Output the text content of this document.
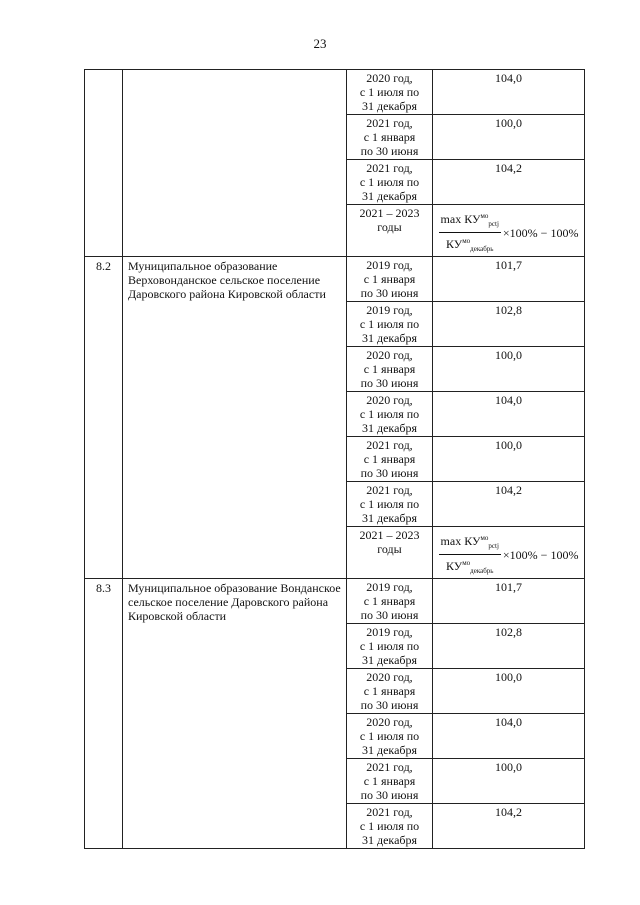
23

		2020 год,
с 1 июля по
31 декабря	104,0

		2021 год,
с 1 января
по 30 июня	100,0

		2021 год,
с 1 июля по
31 декабря	104,2

		2021 – 2023
годы	$\frac{\max КУ^{мо}_{pctj}}{КУ^{мо}_{декабрь}} \times 100\% - 100\%$

8.2	Муниципальное образование Верховонданское сельское поселение Даровского района Кировской области	2019 год,
с 1 января
по 30 июня	101,7

		2019 год,
с 1 июля по
31 декабря	102,8

		2020 год,
с 1 января
по 30 июня	100,0

		2020 год,
с 1 июля по
31 декабря	104,0

		2021 год,
с 1 января
по 30 июня	100,0

		2021 год,
с 1 июля по
31 декабря	104,2

		2021 – 2023
годы	$\frac{\max КУ^{мо}_{pctj}}{КУ^{мо}_{декабрь}} \times 100\% - 100\%$

8.3	Муниципальное образование Вонданское сельское поселение Даровского района Кировской области	2019 год,
с 1 января
по 30 июня	101,7

		2019 год,
с 1 июля по
31 декабря	102,8

		2020 год,
с 1 января
по 30 июня	100,0

		2020 год,
с 1 июля по
31 декабря	104,0

		2021 год,
с 1 января
по 30 июня	100,0

		2021 год,
с 1 июля по
31 декабря	104,2
